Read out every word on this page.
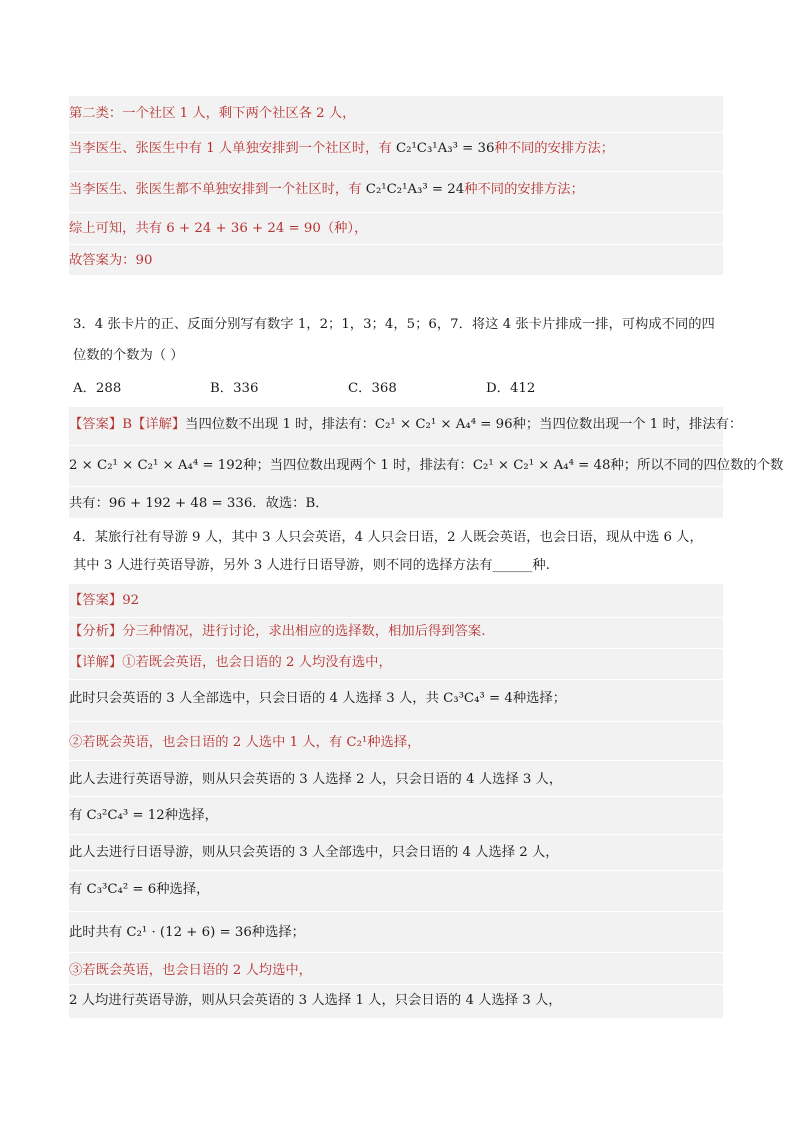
第二类：一个社区 1 人，剩下两个社区各 2 人，
当李医生、张医生中有 1 人单独安排到一个社区时，有 C₂¹C₃¹A₃³ = 36种不同的安排方法；
当李医生、张医生都不单独安排到一个社区时，有 C₂¹C₂¹A₃³ = 24种不同的安排方法；
综上可知，共有 6 + 24 + 36 + 24 = 90（种），
故答案为：90
3．4 张卡片的正、反面分别写有数字 1，2；1，3；4，5；6，7．将这 4 张卡片排成一排，可构成不同的四
位数的个数为（ ）
A．288	B．336	C．368	D．412
【答案】B【详解】当四位数不出现 1 时，排法有：C₂¹ × C₂¹ × A₄⁴ = 96种；当四位数出现一个 1 时，排法有：
2 × C₂¹ × C₂¹ × A₄⁴ = 192种；当四位数出现两个 1 时，排法有：C₂¹ × C₂¹ × A₄⁴ = 48种；所以不同的四位数的个数
共有：96 + 192 + 48 = 336．故选：B．
4．某旅行社有导游 9 人，其中 3 人只会英语，4 人只会日语，2 人既会英语，也会日语，现从中选 6 人，
其中 3 人进行英语导游，另外 3 人进行日语导游，则不同的选择方法有______种.
【答案】92
【分析】分三种情况，进行讨论，求出相应的选择数，相加后得到答案.
【详解】①若既会英语，也会日语的 2 人均没有选中，
此时只会英语的 3 人全部选中，只会日语的 4 人选择 3 人，共 C₃³C₄³ = 4种选择；
②若既会英语，也会日语的 2 人选中 1 人，有 C₂¹种选择，
此人去进行英语导游，则从只会英语的 3 人选择 2 人，只会日语的 4 人选择 3 人，
有 C₃²C₄³ = 12种选择，
此人去进行日语导游，则从只会英语的 3 人全部选中，只会日语的 4 人选择 2 人，
有 C₃³C₄² = 6种选择，
此时共有 C₂¹ · (12 + 6) = 36种选择；
③若既会英语，也会日语的 2 人均选中，
2 人均进行英语导游，则从只会英语的 3 人选择 1 人，只会日语的 4 人选择 3 人，
